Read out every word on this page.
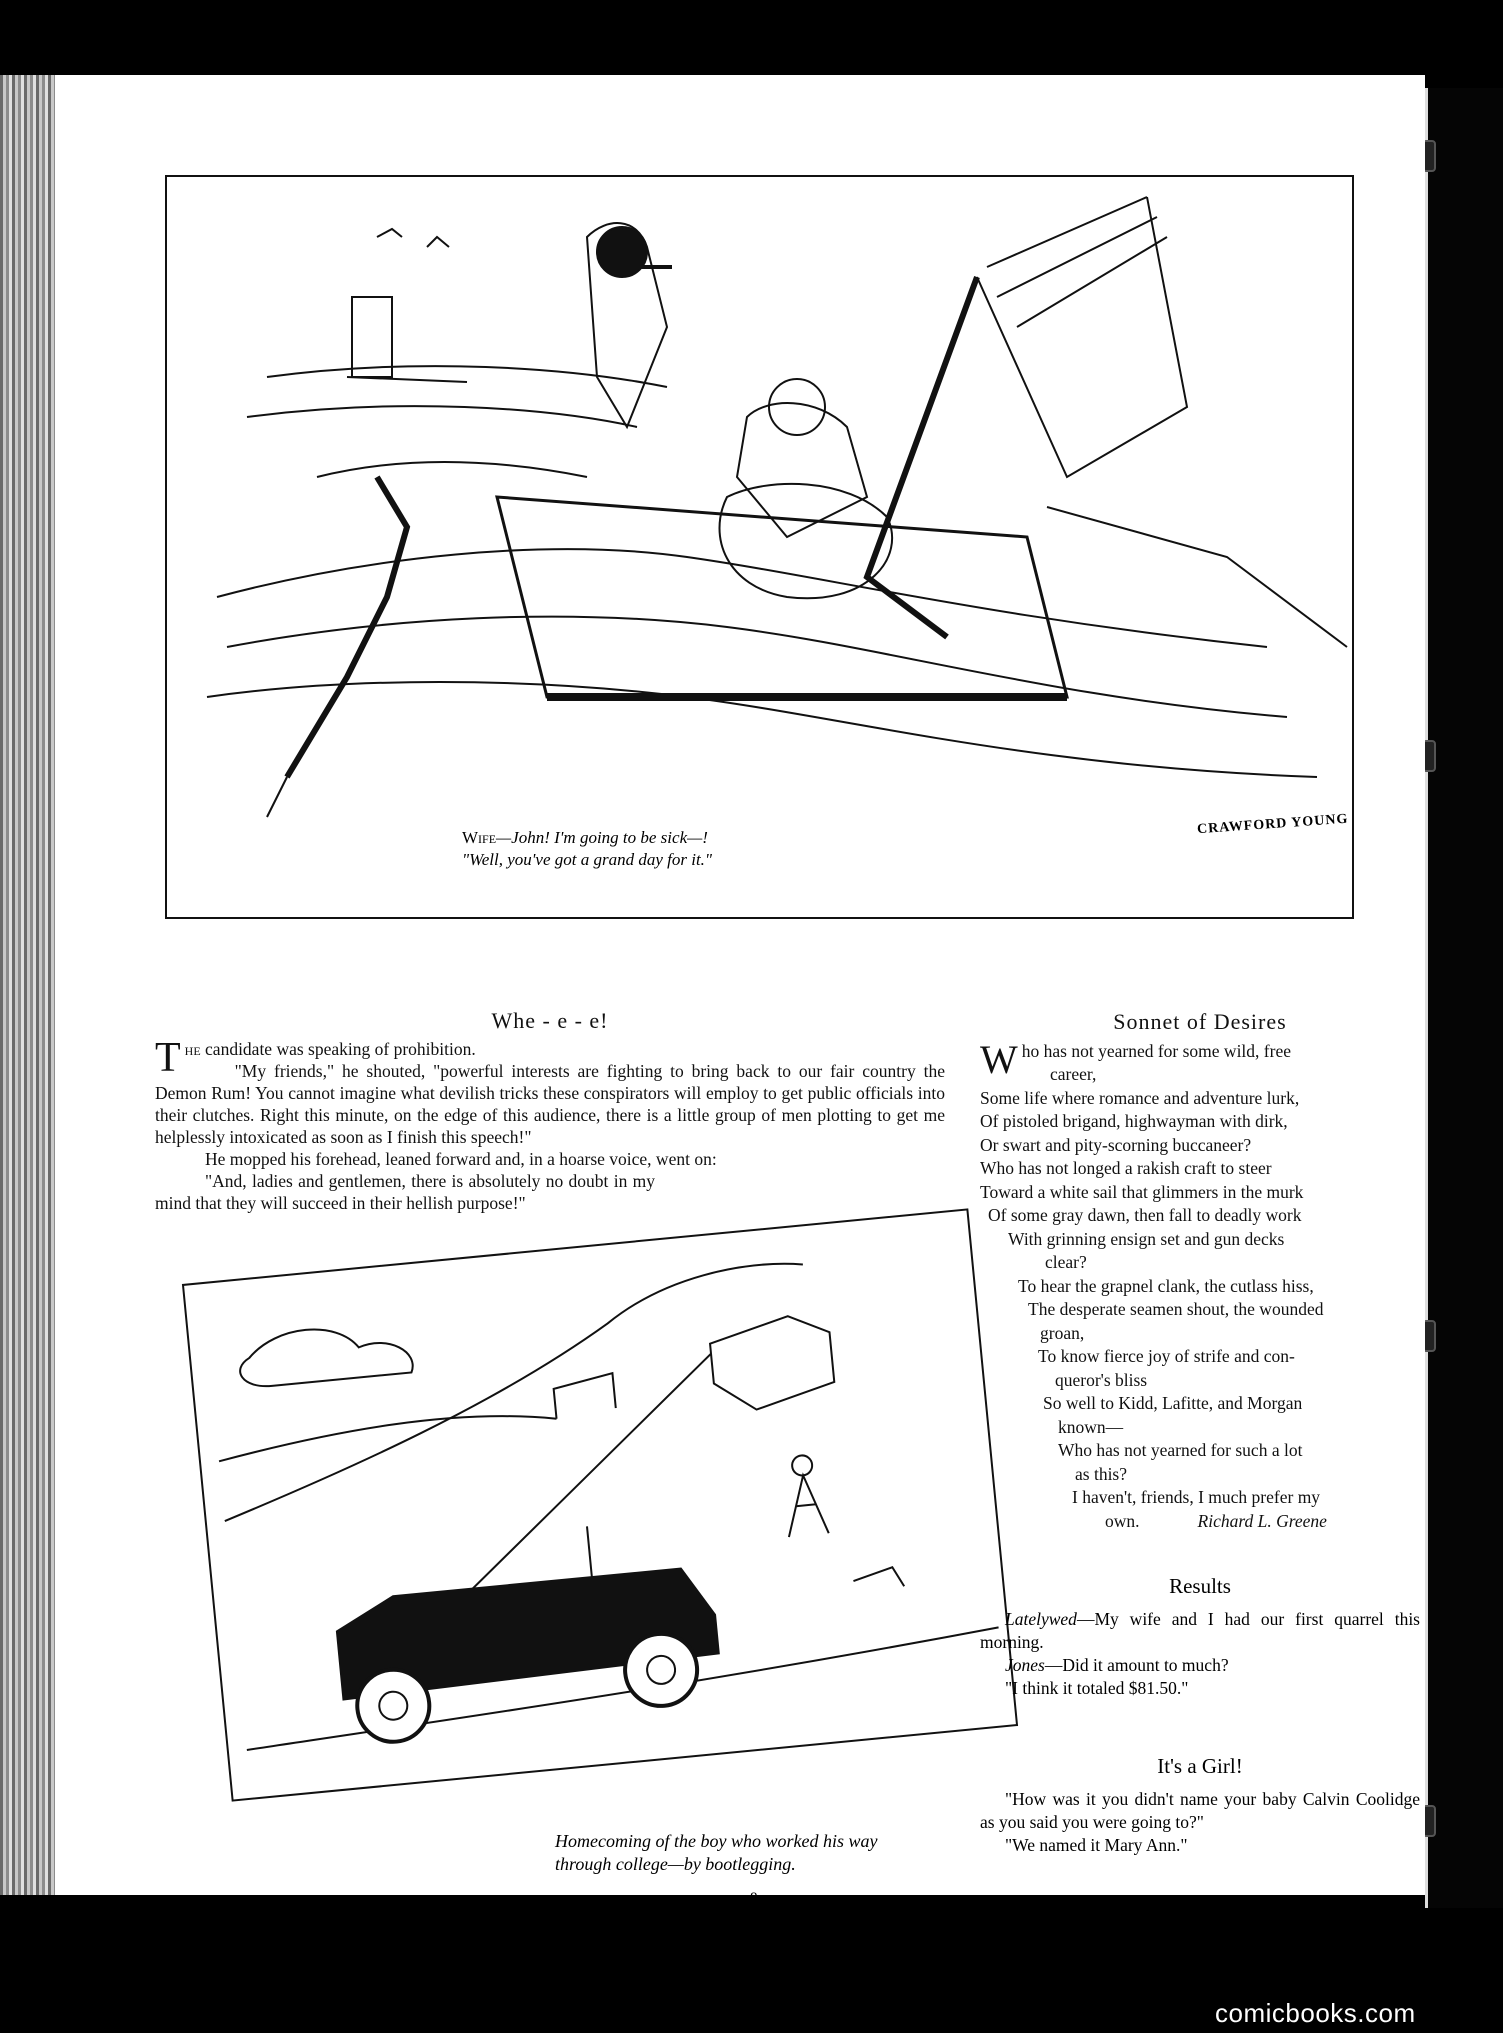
Wife—John! I'm going to be sick—!
"Well, you've got a grand day for it."
CRAWFORD YOUNG
Whe - e - e!

The candidate was speaking of prohibition.

"My friends," he shouted, "powerful interests are fighting to bring back to our fair country the Demon Rum! You cannot imagine what devilish tricks these conspirators will employ to get public officials into their clutches. Right this minute, on the edge of this audience, there is a little group of men plotting to get me helplessly intoxicated as soon as I finish this speech!"

He mopped his forehead, leaned forward and, in a hoarse voice, went on:

"And, ladies and gentlemen, there is absolutely no doubt in my mind that they will succeed in their hellish purpose!"

Homecoming of the boy who worked his way
through college—by bootlegging.
8
Sonnet of Desires
Who has not yearned for some wild, free
career,
Some life where romance and adventure lurk,
Of pistoled brigand, highwayman with dirk,
Or swart and pity-scorning buccaneer?
Who has not longed a rakish craft to steer
Toward a white sail that glimmers in the murk
Of some gray dawn, then fall to deadly work
With grinning ensign set and gun decks
clear?
To hear the grapnel clank, the cutlass hiss,
The desperate seamen shout, the wounded
groan,
To know fierce joy of strife and con-
queror's bliss
So well to Kidd, Lafitte, and Morgan
known—
Who has not yearned for such a lot
as this?
I haven't, friends, I much prefer my
own.	Richard L. Greene
Results

Latelywed—My wife and I had our first quarrel this morning.

Jones—Did it amount to much?

"I think it totaled $81.50."

It's a Girl!

"How was it you didn't name your baby Calvin Coolidge as you said you were going to?"

"We named it Mary Ann."

comicbooks.com
